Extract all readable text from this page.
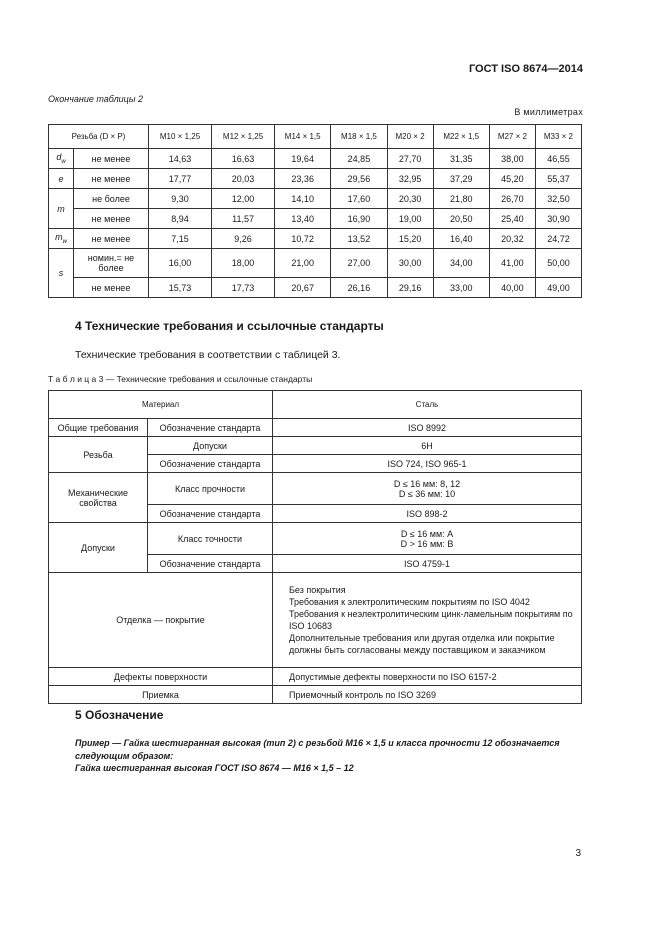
ГОСТ ISO 8674—2014
Окончание таблицы 2
В миллиметрах
Резьба (D × P)		M10 × 1,25	M12 × 1,25	M14 × 1,5	M18 × 1,5	M20 × 2	M22 × 1,5	M27 × 2	M33 × 2
$d_w$	не менее	14,63	16,63	19,64	24,85	27,70	31,35	38,00	46,55
e	не менее	17,77	20,03	23,36	29,56	32,95	37,29	45,20	55,37
m	не более	9,30	12,00	14,10	17,60	20,30	21,80	26,70	32,50
	не менее	8,94	11,57	13,40	16,90	19,00	20,50	25,40	30,90
$m_w$	не менее	7,15	9,26	10,72	13,52	15,20	16,40	20,32	24,72
s	номин.= не более	16,00	18,00	21,00	27,00	30,00	34,00	41,00	50,00
	не менее	15,73	17,73	20,67	26,16	29,16	33,00	40,00	49,00
4 Технические требования и ссылочные стандарты
Технические требования в соответствии с таблицей 3.
Т а б л и ц а 3 — Технические требования и ссылочные стандарты
Материал		Сталь
Общие требования	Обозначение стандарта	ISO 8992
Резьба	Допуски	6H
	Обозначение стандарта	ISO 724, ISO 965-1
Механические свойства	Класс прочности	D ≤ 16 мм: 8, 12
D ≤ 36 мм: 10

	Обозначение стандарта	ISO 898-2
Допуски	Класс точности	D ≤ 16 мм: A
D > 16 мм: B

	Обозначение стандарта	ISO 4759-1
Отделка — покрытие		Без покрытия
Требования к электролитическим покрытиям по ISO 4042
Требования к неэлектролитическим цинк-ламельным покрытиям по ISO 10683
Дополнительные требования или другая отделка или покрытие должны быть согласованы между поставщиком и заказчиком

Дефекты поверхности		Допустимые дефекты поверхности по ISO 6157-2
Приемка		Приемочный контроль по ISO 3269
5 Обозначение
Пример — Гайка шестигранная высокая (тип 2) с резьбой M16 × 1,5 и класса прочности 12 обозначается следующим образом:
Гайка шестигранная высокая ГОСТ ISO 8674 — M16 × 1,5 – 12
3
